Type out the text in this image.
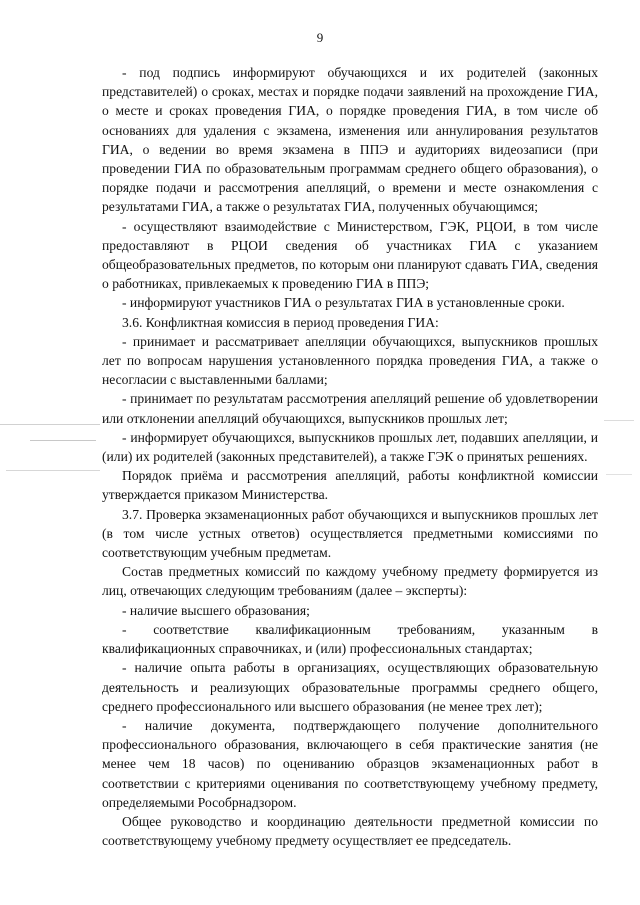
9

- под подпись информируют обучающихся и их родителей (законных представителей) о сроках, местах и порядке подачи заявлений на прохождение ГИА, о месте и сроках проведения ГИА, о порядке проведения ГИА, в том числе об основаниях для удаления с экзамена, изменения или аннулирования результатов ГИА, о ведении во время экзамена в ППЭ и аудиториях видеозаписи (при проведении ГИА по образовательным программам среднего общего образования), о порядке подачи и рассмотрения апелляций, о времени и месте ознакомления с результатами ГИА, а также о результатах ГИА, полученных обучающимся;

- осуществляют взаимодействие с Министерством, ГЭК, РЦОИ, в том числе предоставляют в РЦОИ сведения об участниках ГИА с указанием общеобразовательных предметов, по которым они планируют сдавать ГИА, сведения о работниках, привлекаемых к проведению ГИА в ППЭ;

- информируют участников ГИА о результатах ГИА в установленные сроки.

3.6. Конфликтная комиссия в период проведения ГИА:

- принимает и рассматривает апелляции обучающихся, выпускников прошлых лет по вопросам нарушения установленного порядка проведения ГИА, а также о несогласии с выставленными баллами;

- принимает по результатам рассмотрения апелляций решение об удовлетворении или отклонении апелляций обучающихся, выпускников прошлых лет;

- информирует обучающихся, выпускников прошлых лет, подавших апелляции, и (или) их родителей (законных представителей), а также ГЭК о принятых решениях.

Порядок приёма и рассмотрения апелляций, работы конфликтной комиссии утверждается приказом Министерства.

3.7. Проверка экзаменационных работ обучающихся и выпускников прошлых лет (в том числе устных ответов) осуществляется предметными комиссиями по соответствующим учебным предметам.

Состав предметных комиссий по каждому учебному предмету формируется из лиц, отвечающих следующим требованиям (далее – эксперты):

- наличие высшего образования;

- соответствие квалификационным требованиям, указанным в квалификационных справочниках, и (или) профессиональных стандартах;

- наличие опыта работы в организациях, осуществляющих образовательную деятельность и реализующих образовательные программы среднего общего, среднего профессионального или высшего образования (не менее трех лет);

- наличие документа, подтверждающего получение дополнительного профессионального образования, включающего в себя практические занятия (не менее чем 18 часов) по оцениванию образцов экзаменационных работ в соответствии с критериями оценивания по соответствующему учебному предмету, определяемыми Рособрнадзором.

Общее руководство и координацию деятельности предметной комиссии по соответствующему учебному предмету осуществляет ее председатель.
